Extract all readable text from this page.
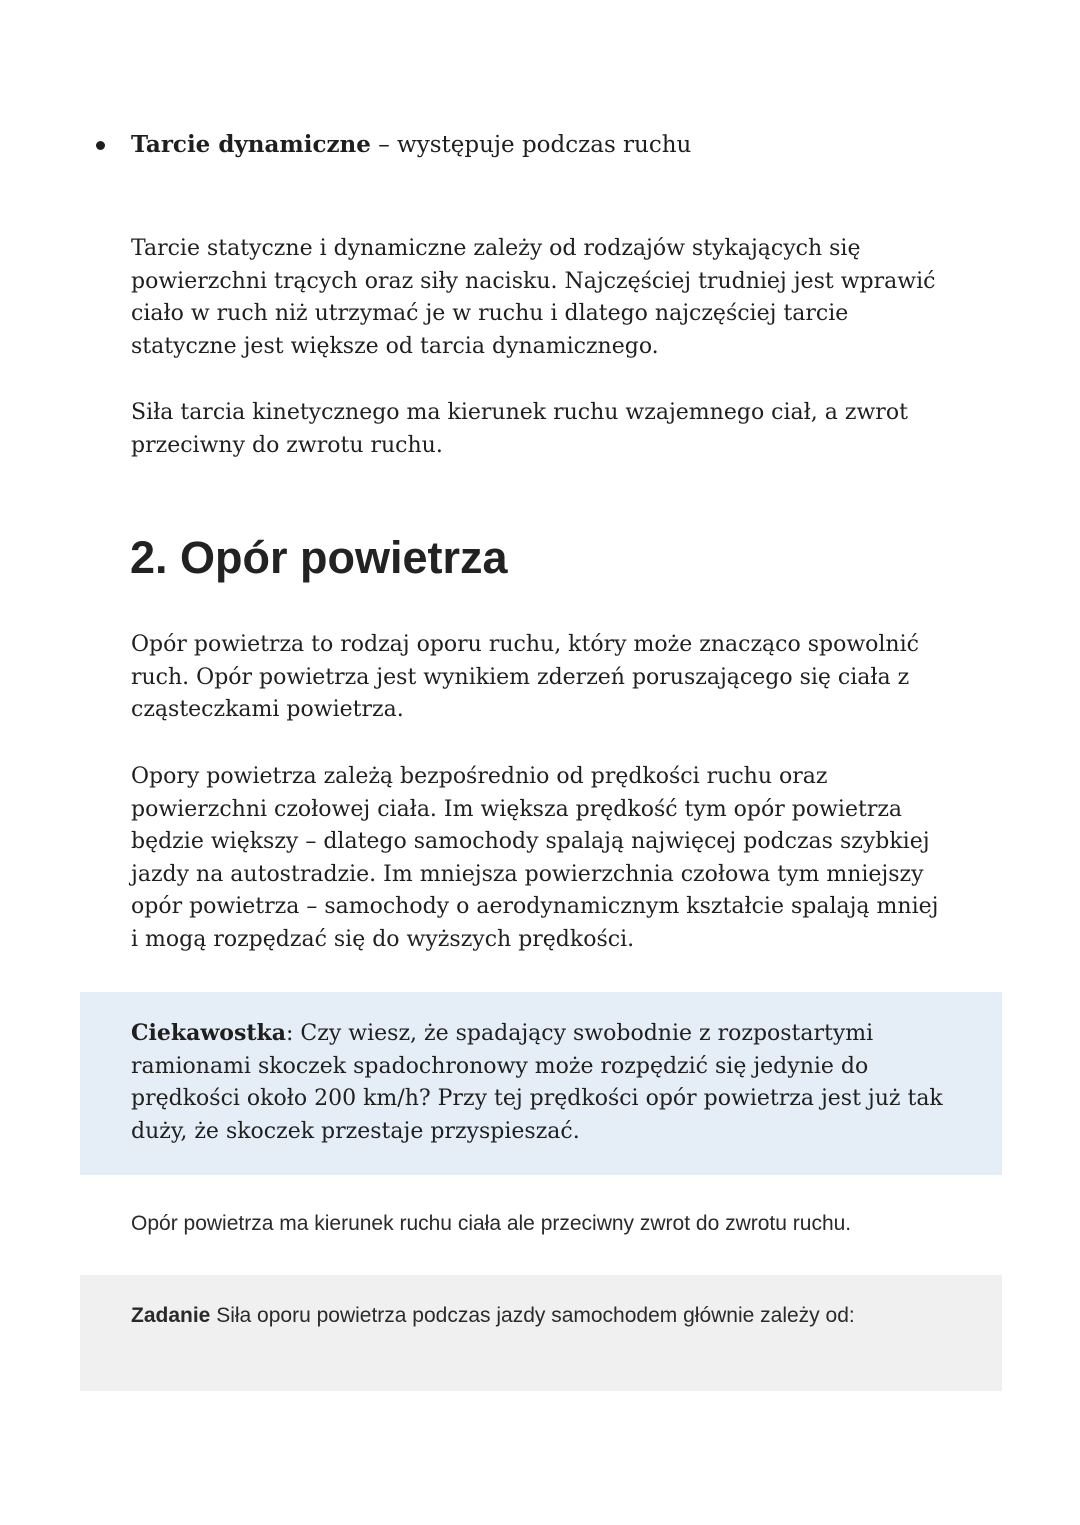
Tarcie dynamiczne – występuje podczas ruchu

Tarcie statyczne i dynamiczne zależy od rodzajów stykających się powierzchni trących oraz siły nacisku. Najczęściej trudniej jest wprawić ciało w ruch niż utrzymać je w ruchu i dlatego najczęściej tarcie statyczne jest większe od tarcia dynamicznego.

Siła tarcia kinetycznego ma kierunek ruchu wzajemnego ciał, a zwrot przeciwny do zwrotu ruchu.

2. Opór powietrza

Opór powietrza to rodzaj oporu ruchu, który może znacząco spowolnić ruch. Opór powietrza jest wynikiem zderzeń poruszającego się ciała z cząsteczkami powietrza.

Opory powietrza zależą bezpośrednio od prędkości ruchu oraz powierzchni czołowej ciała. Im większa prędkość tym opór powietrza będzie większy – dlatego samochody spalają najwięcej podczas szybkiej jazdy na autostradzie. Im mniejsza powierzchnia czołowa tym mniejszy opór powietrza – samochody o aerodynamicznym kształcie spalają mniej i mogą rozpędzać się do wyższych prędkości.

Ciekawostka: Czy wiesz, że spadający swobodnie z rozpostartymi ramionami skoczek spadochronowy może rozpędzić się jedynie do prędkości około 200 km/h? Przy tej prędkości opór powietrza jest już tak duży, że skoczek przestaje przyspieszać.

Opór powietrza ma kierunek ruchu ciała ale przeciwny zwrot do zwrotu ruchu.

Zadanie Siła oporu powietrza podczas jazdy samochodem głównie zależy od:
